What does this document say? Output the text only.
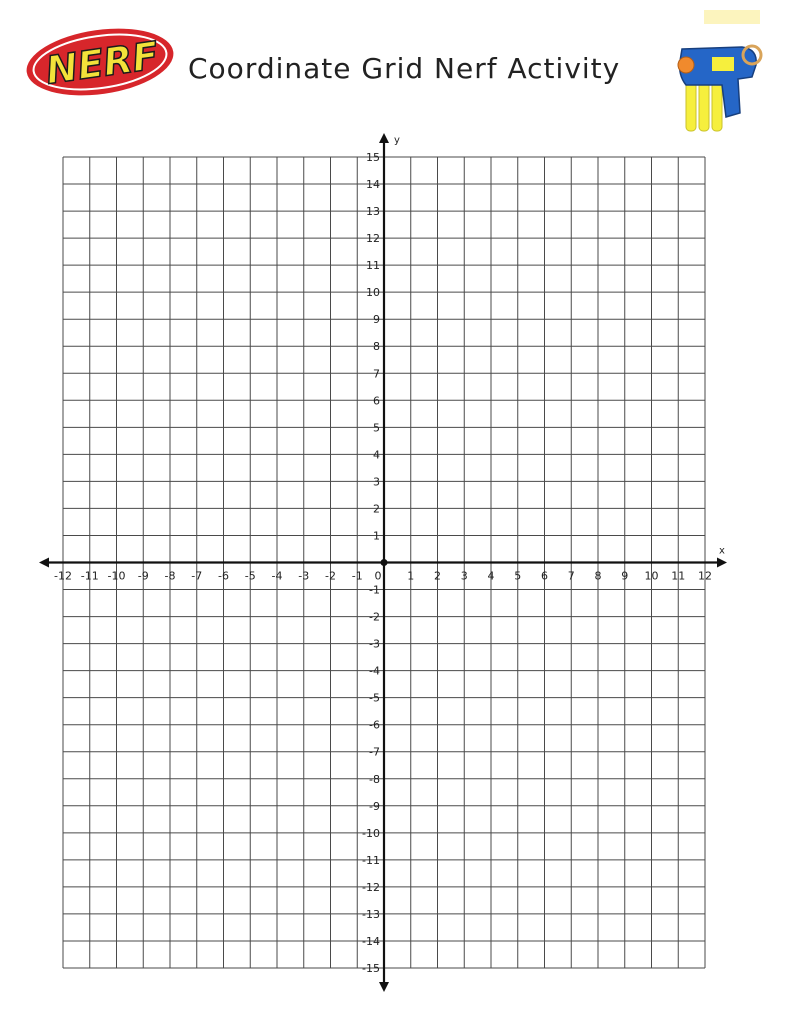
NERF Coordinate Grid Nerf Activity
-12 -11 -10 -9 -8 -7 -6 -5 -4 -3 -2 -1 0 1 2 3 4 5 6 7 8 9 10 11 12
-15
-14
-13
-12
-11
-10
-9
-8
-7
-6
-5
-4
-3
-2
-1
1
2
3
4
5
6
7
8
9
10
11
12
13
14
15
x
y
